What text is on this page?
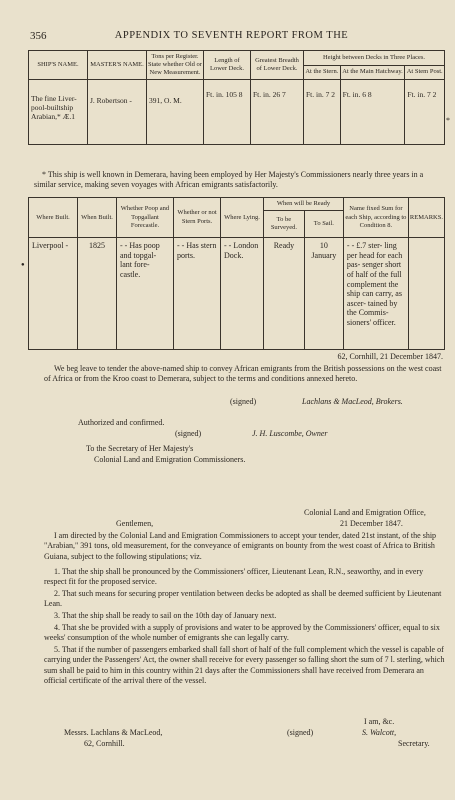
356	APPENDIX TO SEVENTH REPORT FROM THE
SHIP'S NAME.	MASTER'S NAME.	Tons per Register. State whether Old or New Measurement.	Length of Lower Deck.	Greatest Breadth of Lower Deck.	Height between Decks in Three Places.		
					At the Stern.	At the Main Hatchway.	At Stem Post.
The fine Liver- pool-builtship Arabian,* Æ.1	J. Robertson -	391, O. M.	Ft. in. 105 8	Ft. in. 26 7	Ft. in. 7 2	Ft. in. 6 8	Ft. in. 7 2
*
* This ship is well known in Demerara, having been employed by Her Majesty's Commissioners nearly three years in a similar service, making seven voyages with African emigrants satisfactorily.
Where Built.	When Built.	Whether Poop and Topgallant Forecastle.	Whether or not Stern Ports.	Where Lying.	When will be Ready		Name fixed Sum for each Ship, according to Condition 8.	REMARKS.
					To be Surveyed.	To Sail.		
Liverpool -	1825	- - Has poop and topgal- lant fore- castle.	- - Has stern ports.	- - London Dock.	Ready	10 January	- - £.7 ster- ling per head for each pas- senger short of half of the full complement the ship can carry, as ascer- tained by the Commis- sioners' officer.	
●
62, Cornhill, 21 December 1847.
We beg leave to tender the above-named ship to convey African emigrants from the British possessions on the west coast of Africa or from the Kroo coast to Demerara, subject to the terms and conditions annexed hereto.
(signed)	Lachlans & MacLeod, Brokers.
Authorized and confirmed.
(signed)	J. H. Luscombe, Owner
To the Secretary of Her Majesty's
Colonial Land and Emigration Commissioners.
Colonial Land and Emigration Office,
21 December 1847.
Gentlemen,
I am directed by the Colonial Land and Emigration Commissioners to accept your tender, dated 21st instant, of the ship "Arabian," 391 tons, old measurement, for the conveyance of emigrants on bounty from the west coast of Africa to British Guiana, subject to the following stipulations; viz.
1. That the ship shall be pronounced by the Commissioners' officer, Lieutenant Lean, R.N., seaworthy, and in every respect fit for the proposed service.
2. That such means for securing proper ventilation between decks be adopted as shall be deemed sufficient by Lieutenant Lean.
3. That the ship shall be ready to sail on the 10th day of January next.
4. That she be provided with a supply of provisions and water to be approved by the Commissioners' officer, equal to six weeks' consumption of the whole number of emigrants she can legally carry.
5. That if the number of passengers embarked shall fall short of half of the full complement which the vessel is capable of carrying under the Passengers' Act, the owner shall receive for every passenger so falling short the sum of 7 l. sterling, which sum shall be paid to him in this country within 21 days after the Commissioners shall have received from Demerara an official certificate of the arrival there of the vessel.
I am, &c.
Messrs. Lachlans & MacLeod,
62, Cornhill.
(signed)	S. Walcott,
Secretary.
